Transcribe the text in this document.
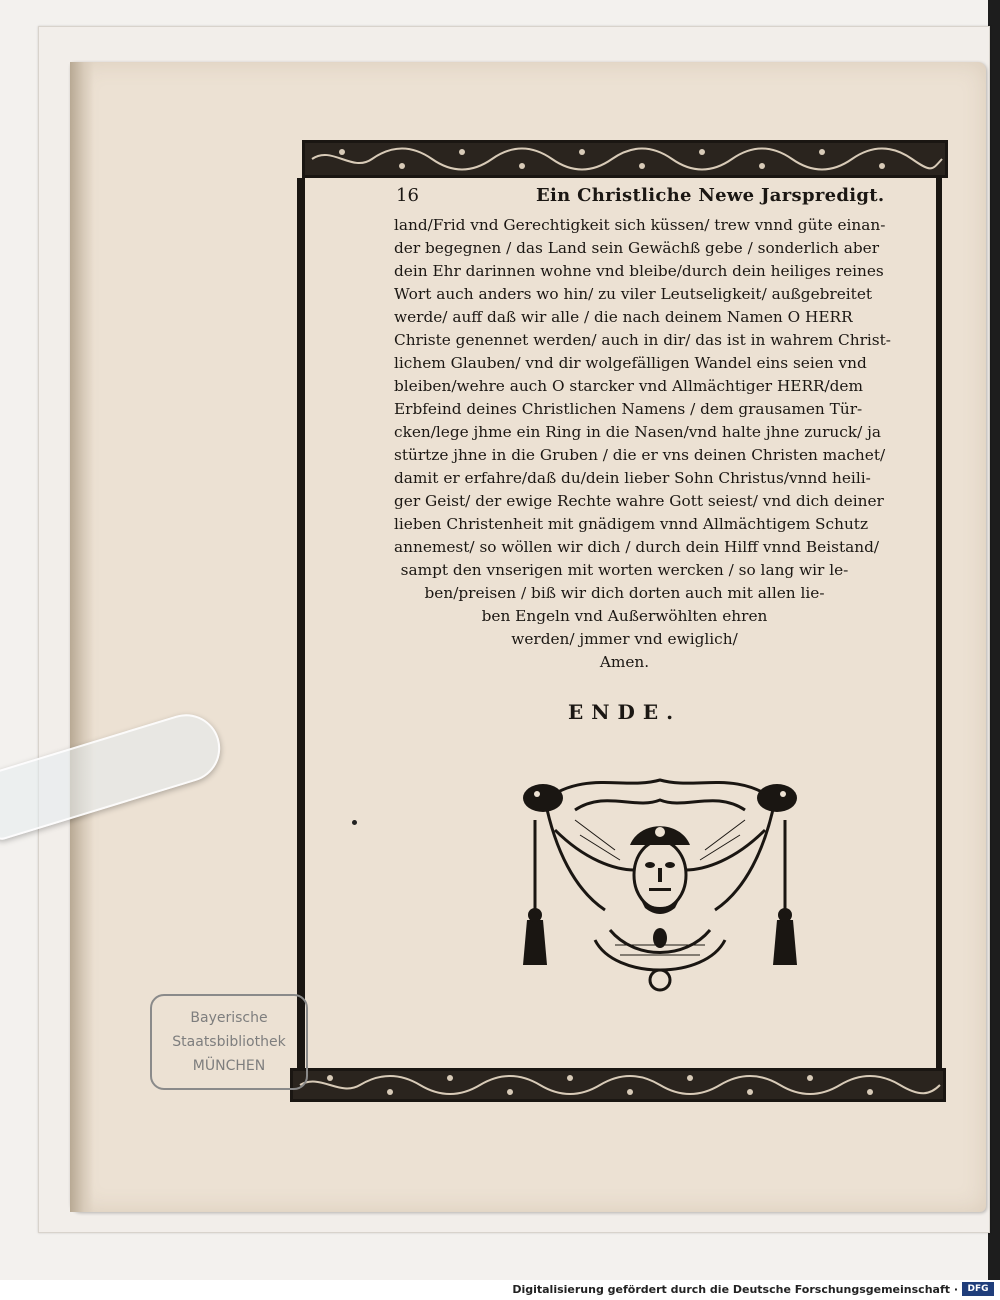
16	Ein Christliche Newe Jarspredigt.
land/Frid vnd Gerechtigkeit sich küssen/ trew vnnd güte einan-
der begegnen / das Land sein Gewächß gebe / sonderlich aber
dein Ehr darinnen wohne vnd bleibe/durch dein heiliges reines
Wort auch anders wo hin/ zu viler Leutseligkeit/ außgebreitet
werde/ auff daß wir alle / die nach deinem Namen O HERR
Christe genennet werden/ auch in dir/ das ist in wahrem Christ-
lichem Glauben/ vnd dir wolgefälligen Wandel eins seien vnd
bleiben/wehre auch O starcker vnd Allmächtiger HERR/dem
Erbfeind deines Christlichen Namens / dem grausamen Tür-
cken/lege jhme ein Ring in die Nasen/vnd halte jhne zuruck/ ja
stürtze jhne in die Gruben / die er vns deinen Christen machet/
damit er erfahre/daß du/dein lieber Sohn Christus/vnnd heili-
ger Geist/ der ewige Rechte wahre Gott seiest/ vnd dich deiner
lieben Christenheit mit gnädigem vnnd Allmächtigem Schutz
annemest/ so wöllen wir dich / durch dein Hilff vnnd Beistand/
sampt den vnserigen mit worten wercken / so lang wir le-
ben/preisen / biß wir dich dorten auch mit allen lie-
ben Engeln vnd Außerwöhlten ehren
werden/ jmmer vnd ewiglich/
Amen.
ENDE.
Bayerische
Staatsbibliothek
MÜNCHEN
Digitalisierung gefördert durch die Deutsche Forschungsgemeinschaft ·	DFG
